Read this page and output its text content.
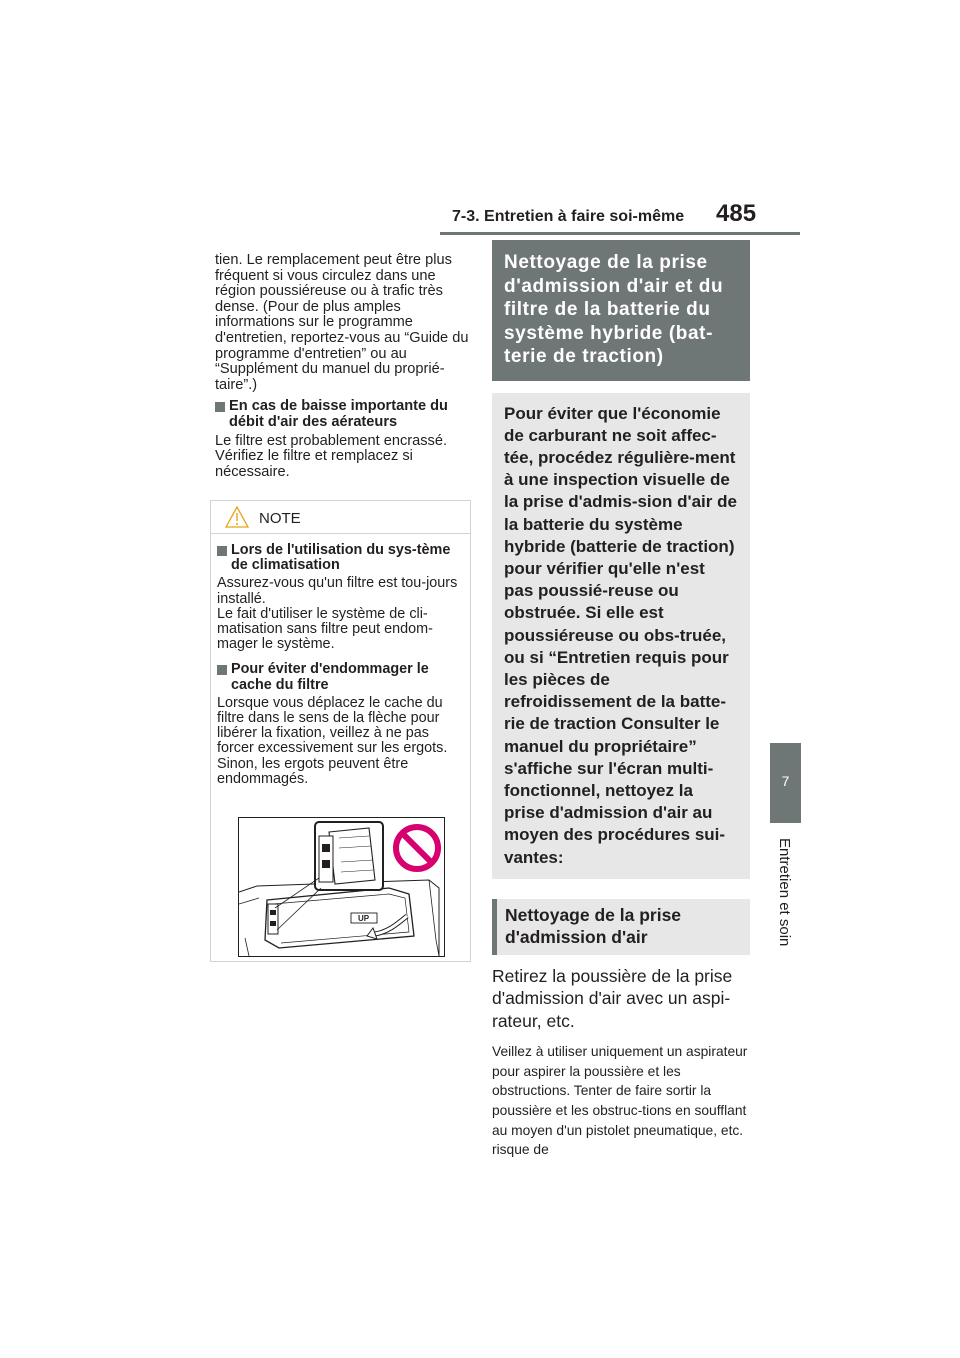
7-3. Entretien à faire soi-même 485
7
Entretien et soin

tien. Le remplacement peut être plus fréquent si vous circulez dans une région poussiéreuse ou à trafic très dense. (Pour de plus amples informations sur le programme d'entretien, reportez-vous au “Guide du programme d'entretien” ou au “Supplément du manuel du proprié-taire”.)

En cas de baisse importante du débit d'air des aérateurs

Le filtre est probablement encrassé. Vérifiez le filtre et remplacez si nécessaire.

NOTE
Lors de l'utilisation du sys-tème de climatisation

Assurez-vous qu'un filtre est tou-jours installé.
Le fait d'utiliser le système de cli-matisation sans filtre peut endom-mager le système.

Pour éviter d'endommager le cache du filtre

Lorsque vous déplacez le cache du filtre dans le sens de la flèche pour libérer la fixation, veillez à ne pas forcer excessivement sur les ergots. Sinon, les ergots peuvent être endommagés.

UP
Nettoyage de la prise d'admission d'air et du filtre de la batterie du système hybride (bat-terie de traction)
Pour éviter que l'économie de carburant ne soit affec-tée, procédez régulière-ment à une inspection visuelle de la prise d'admis-sion d'air de la batterie du système hybride (batterie de traction) pour vérifier qu'elle n'est pas poussié-reuse ou obstruée. Si elle est poussiéreuse ou obs-truée, ou si “Entretien requis pour les pièces de refroidissement de la batte-rie de traction Consulter le manuel du propriétaire” s'affiche sur l'écran multi-fonctionnel, nettoyez la prise d'admission d'air au moyen des procédures sui-vantes:
Nettoyage de la prise d'admission d'air
Retirez la poussière de la prise d'admission d'air avec un aspi-rateur, etc.
Veillez à utiliser uniquement un aspirateur pour aspirer la poussière et les obstructions. Tenter de faire sortir la poussière et les obstruc-tions en soufflant au moyen d'un pistolet pneumatique, etc. risque de
